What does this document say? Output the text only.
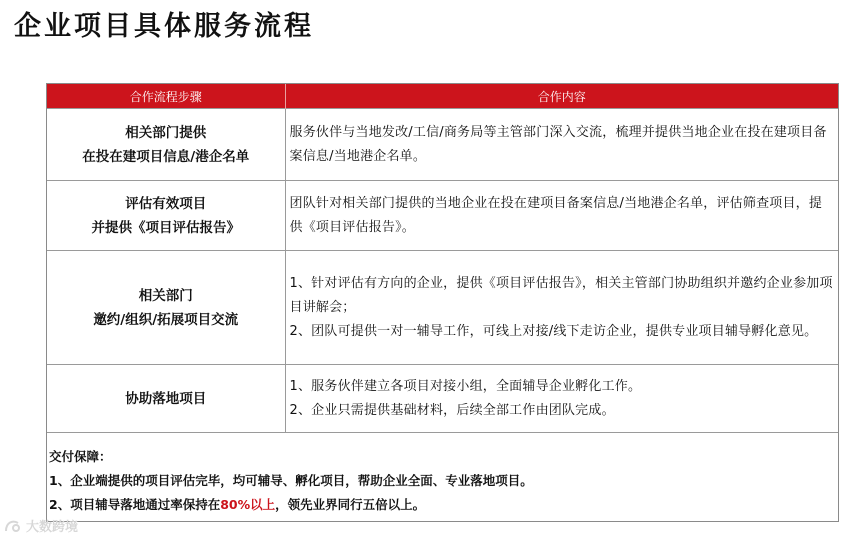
企业项目具体服务流程
合作流程步骤	合作内容

相关部门提供
在投在建项目信息/港企名单	服务伙伴与当地发改/工信/商务局等主管部门深入交流，梳理并提供当地企业在投在建项目备案信息/当地港企名单。

评估有效项目
并提供《项目评估报告》	团队针对相关部门提供的当地企业在投在建项目备案信息/当地港企名单，评估筛查项目，提供《项目评估报告》。

相关部门
邀约/组织/拓展项目交流	1、针对评估有方向的企业，提供《项目评估报告》，相关主管部门协助组织并邀约企业参加项目讲解会；
2、团队可提供一对一辅导工作，可线上对接/线下走访企业，提供专业项目辅导孵化意见。

协助落地项目	1、服务伙伴建立各项目对接小组，全面辅导企业孵化工作。
2、企业只需提供基础材料，后续全部工作由团队完成。

交付保障：
1、企业端提供的项目评估完毕，均可辅导、孵化项目，帮助企业全面、专业落地项目。
2、项目辅导落地通过率保持在80%以上，领先业界同行五倍以上。	
大数跨境
